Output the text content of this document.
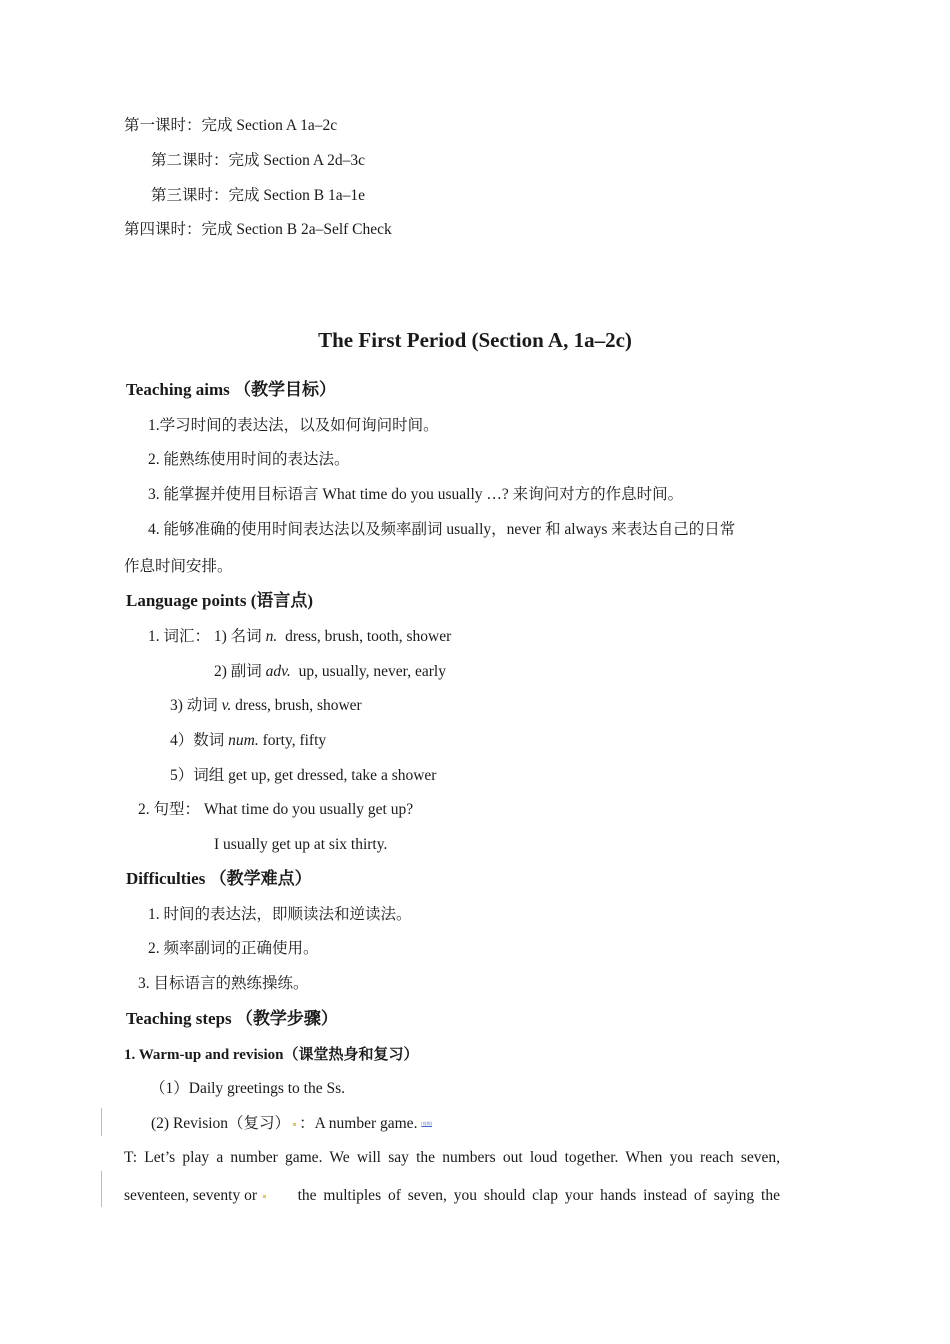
第一课时：完成 Section A 1a–2c
第二课时：完成 Section A 2d–3c
第三课时：完成 Section B 1a–1e
第四课时：完成 Section B 2a–Self Check
The First Period (Section A, 1a–2c)
Teaching aims （教学目标）
1.学习时间的表达法，以及如何询问时间。
2. 能熟练使用时间的表达法。
3. 能掌握并使用目标语言 What time do you usually …? 来询问对方的作息时间。
4. 能够准确的使用时间表达法以及频率副词 usually，never 和 always 来表达自己的日常
作息时间安排。
Language points (语言点)
1. 词汇： 1) 名词 n. dress, brush, tooth, shower
2) 副词 adv. up, usually, never, early
3) 动词 v. dress, brush, shower
4）数词 num. forty, fifty
5）词组 get up, get dressed, take a shower
2. 句型： What time do you usually get up?
I usually get up at six thirty.
Difficulties （教学难点）
1. 时间的表达法，即顺读法和逆读法。
2. 频率副词的正确使用。
3. 目标语言的熟练操练。
Teaching steps （教学步骤）
1. Warm-up and revision（课堂热身和复习）
（1）Daily greetings to the Ss.
(2) Revision（复习） ：A number game. [视频]
T: Let’s play a number game. We will say the numbers out loud together. When you reach seven,
seventeen, seventy or	the multiples of seven, you should clap your hands instead of saying the
